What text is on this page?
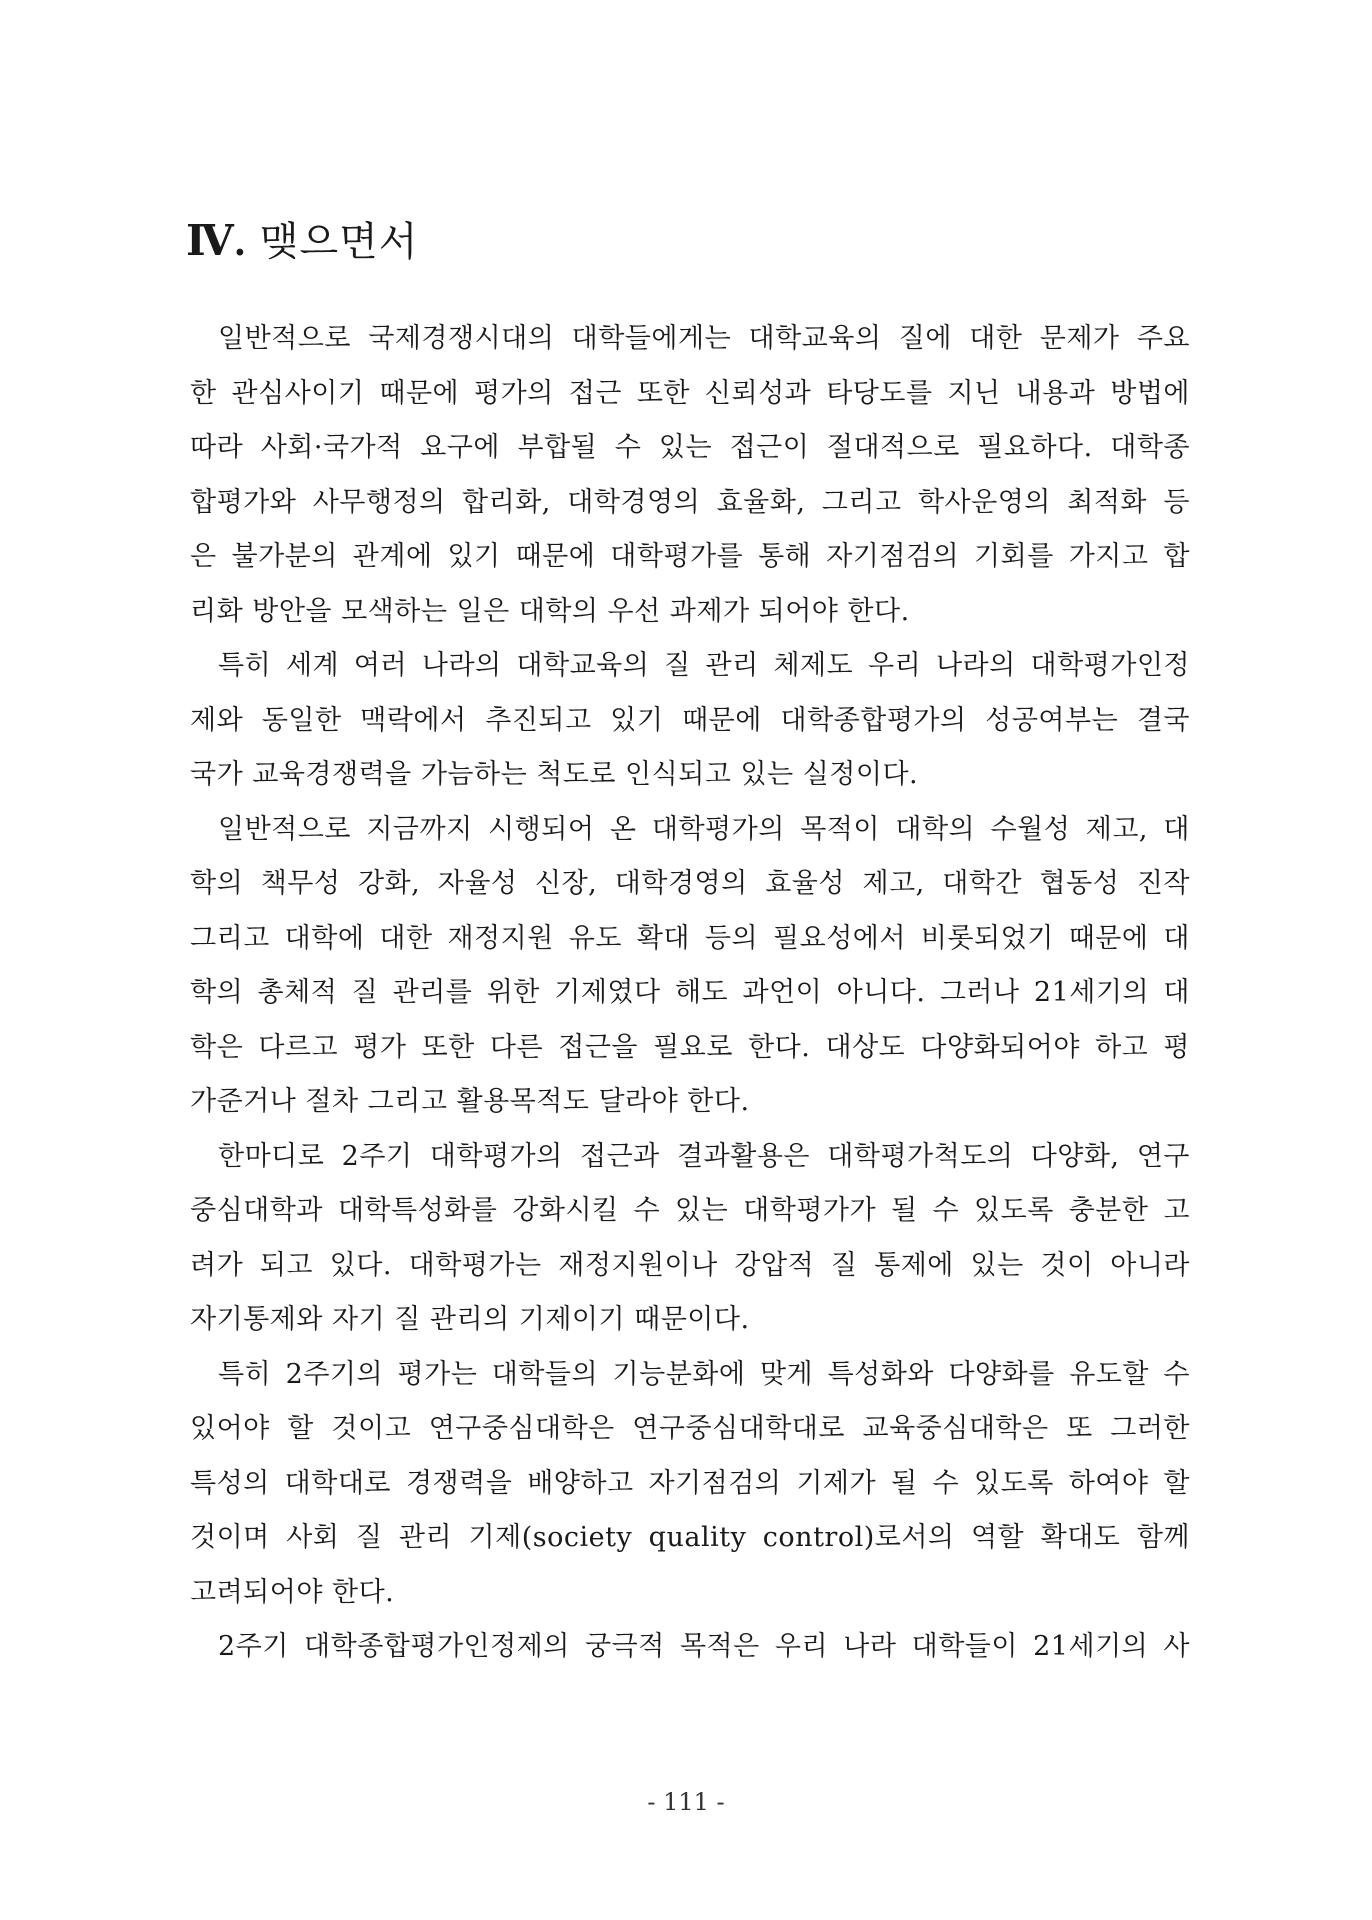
Ⅳ. 맺으면서
일반적으로 국제경쟁시대의 대학들에게는 대학교육의 질에 대한 문제가 주요
한 관심사이기 때문에 평가의 접근 또한 신뢰성과 타당도를 지닌 내용과 방법에
따라 사회·국가적 요구에 부합될 수 있는 접근이 절대적으로 필요하다. 대학종
합평가와 사무행정의 합리화, 대학경영의 효율화, 그리고 학사운영의 최적화 등
은 불가분의 관계에 있기 때문에 대학평가를 통해 자기점검의 기회를 가지고 합
리화 방안을 모색하는 일은 대학의 우선 과제가 되어야 한다.
특히 세계 여러 나라의 대학교육의 질 관리 체제도 우리 나라의 대학평가인정
제와 동일한 맥락에서 추진되고 있기 때문에 대학종합평가의 성공여부는 결국
국가 교육경쟁력을 가늠하는 척도로 인식되고 있는 실정이다.
일반적으로 지금까지 시행되어 온 대학평가의 목적이 대학의 수월성 제고, 대
학의 책무성 강화, 자율성 신장, 대학경영의 효율성 제고, 대학간 협동성 진작
그리고 대학에 대한 재정지원 유도 확대 등의 필요성에서 비롯되었기 때문에 대
학의 총체적 질 관리를 위한 기제였다 해도 과언이 아니다. 그러나 21세기의 대
학은 다르고 평가 또한 다른 접근을 필요로 한다. 대상도 다양화되어야 하고 평
가준거나 절차 그리고 활용목적도 달라야 한다.
한마디로 2주기 대학평가의 접근과 결과활용은 대학평가척도의 다양화, 연구
중심대학과 대학특성화를 강화시킬 수 있는 대학평가가 될 수 있도록 충분한 고
려가 되고 있다. 대학평가는 재정지원이나 강압적 질 통제에 있는 것이 아니라
자기통제와 자기 질 관리의 기제이기 때문이다.
특히 2주기의 평가는 대학들의 기능분화에 맞게 특성화와 다양화를 유도할 수
있어야 할 것이고 연구중심대학은 연구중심대학대로 교육중심대학은 또 그러한
특성의 대학대로 경쟁력을 배양하고 자기점검의 기제가 될 수 있도록 하여야 할
것이며 사회 질 관리 기제(society quality control)로서의 역할 확대도 함께
고려되어야 한다.
2주기 대학종합평가인정제의 궁극적 목적은 우리 나라 대학들이 21세기의 사
- 111 -
